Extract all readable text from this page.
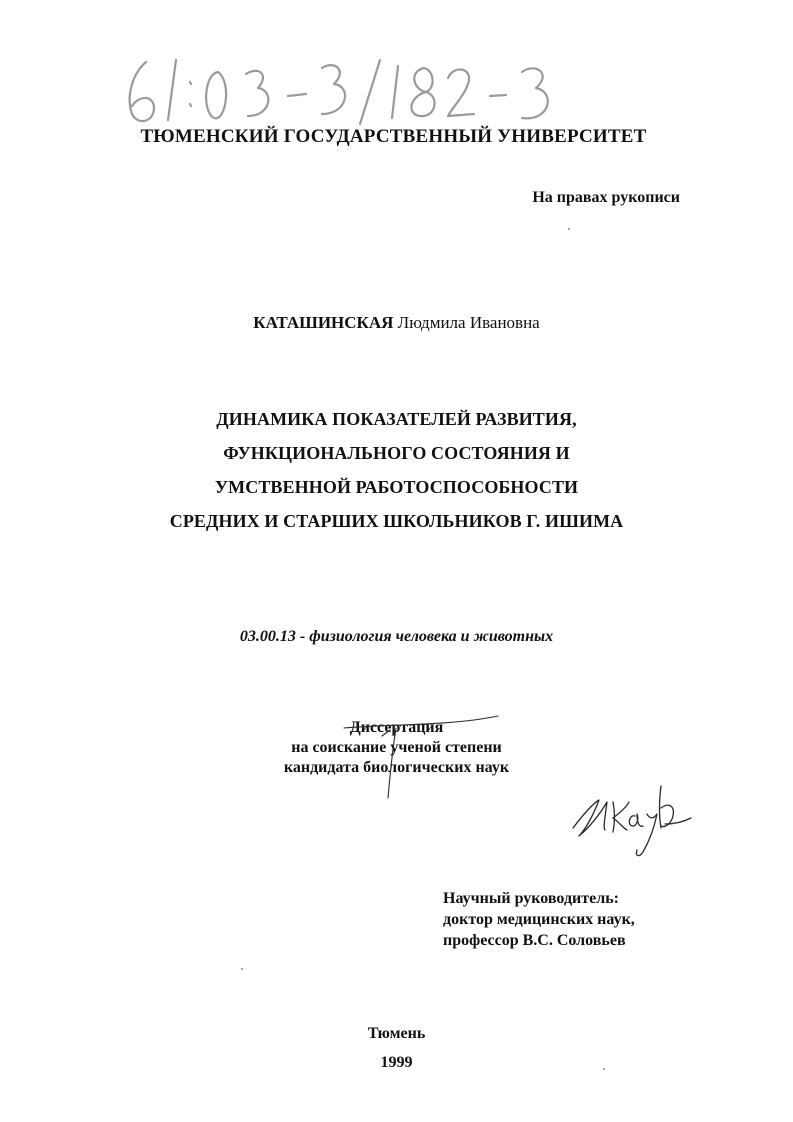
ТЮМЕНСКИЙ ГОСУДАРСТВЕННЫЙ УНИВЕРСИТЕТ
На правах рукописи
КАТАШИНСКАЯ Людмила Ивановна
ДИНАМИКА ПОКАЗАТЕЛЕЙ РАЗВИТИЯ,
ФУНКЦИОНАЛЬНОГО СОСТОЯНИЯ И
УМСТВЕННОЙ РАБОТОСПОСОБНОСТИ
СРЕДНИХ И СТАРШИХ ШКОЛЬНИКОВ Г. ИШИМА
03.00.13 - физиология человека и животных
Диссертация
на соискание ученой степени
кандидата биологических наук
Научный руководитель:
доктор медицинских наук,
профессор В.С. Соловьев
Тюмень
1999
